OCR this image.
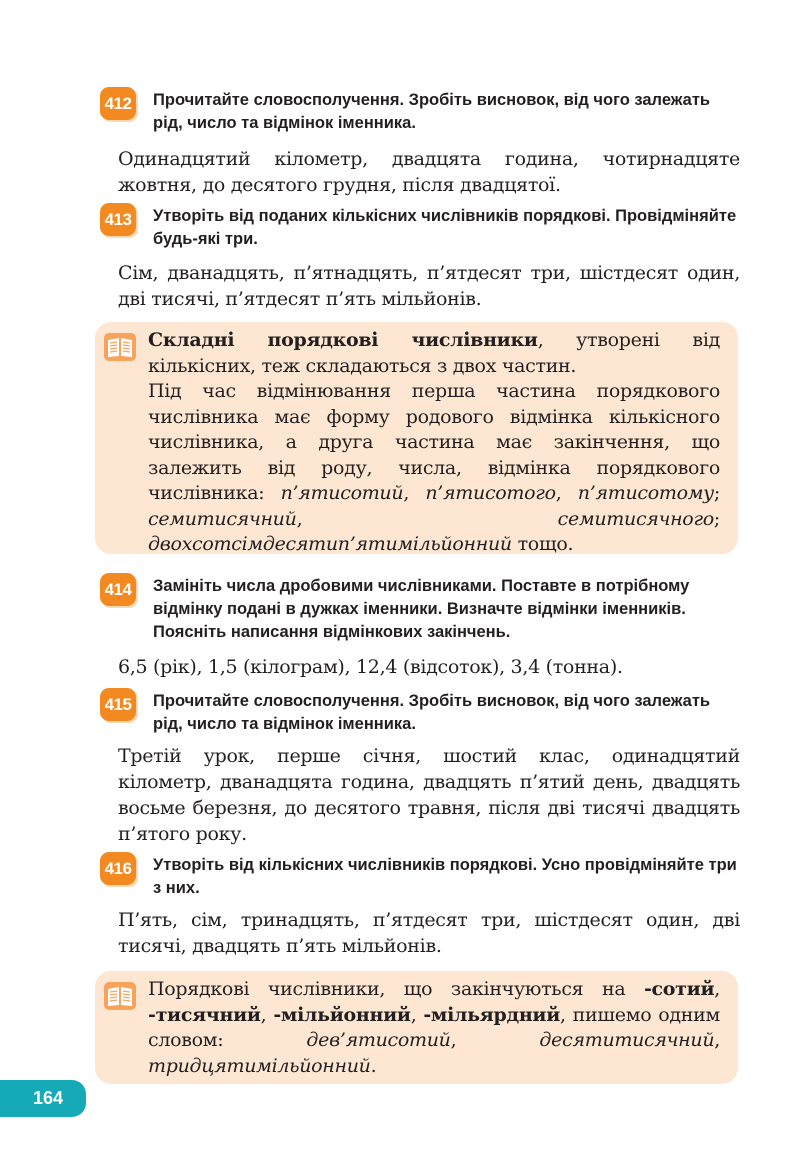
412 Прочитайте словосполучення. Зробіть висновок, від чого залежать рід, число та відмінок іменника.

Одинадцятий кілометр, двадцята година, чотирнадцяте жовтня, до десятого грудня, після двадцятої.

413 Утворіть від поданих кількісних числівників порядкові. Провідміняйте будь-які три.

Сім, дванадцять, п’ятнадцять, п’ятдесят три, шістдесят один, дві тисячі, п’ятдесят п’ять мільйонів.

Складні порядкові числівники, утворені від кількісних, теж складаються з двох частин.

Під час відмінювання перша частина порядкового числівника має форму родового відмінка кількісного числівника, а друга частина має закінчення, що залежить від роду, числа, відмінка порядкового числівника: п’ятисотий, п’ятисотого, п’ятисотому; семитисячний, семитисячного; двохсотсімдесятип’ятимільйонний тощо.

414 Замініть числа дробовими числівниками. Поставте в потрібному відмінку подані в дужках іменники. Визначте відмінки іменників. Поясніть написання відмінкових закінчень.

6,5 (рік), 1,5 (кілограм), 12,4 (відсоток), 3,4 (тонна).

415 Прочитайте словосполучення. Зробіть висновок, від чого залежать рід, число та відмінок іменника.

Третій урок, перше січня, шостий клас, одинадцятий кілометр, дванадцята година, двадцять п’ятий день, двадцять восьме березня, до десятого травня, після дві тисячі двадцять п’ятого року.

416 Утворіть від кількісних числівників порядкові. Усно провідміняйте три з них.

П’ять, сім, тринадцять, п’ятдесят три, шістдесят один, дві тисячі, двадцять п’ять мільйонів.

Порядкові числівники, що закінчуються на -сотий, -тисячний, -мільйонний, -мільярдний, пишемо одним словом: дев’ятисотий, десятитисячний, тридцятимільйонний.

164
